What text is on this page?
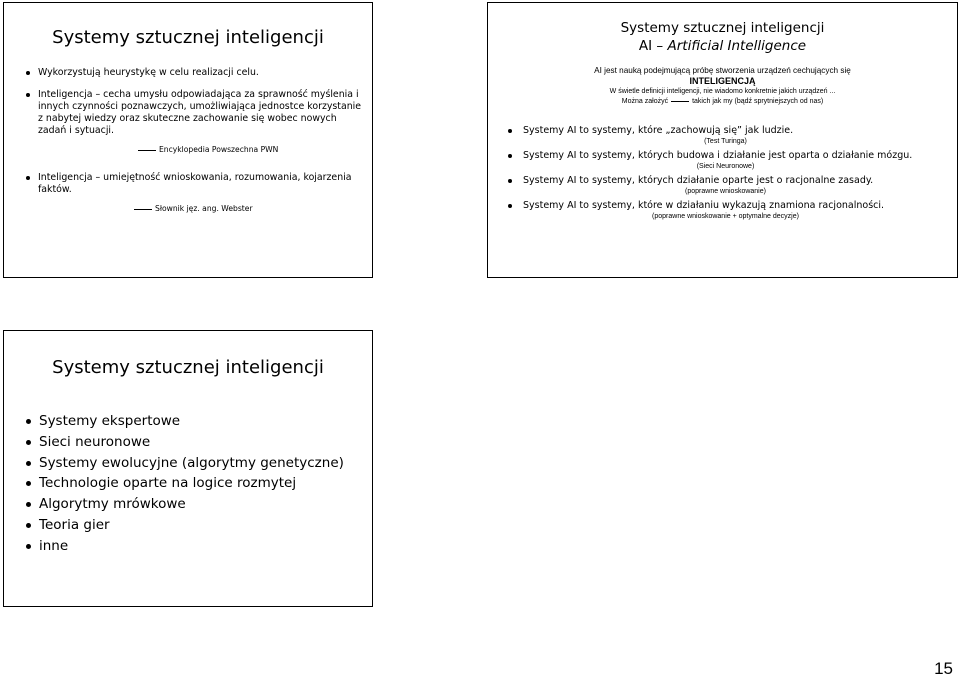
Systemy sztucznej inteligencji
Wykorzystują heurystykę w celu realizacji celu.
Inteligencja – cecha umysłu odpowiadająca za sprawność myślenia i innych czynności poznawczych, umożliwiająca jednostce korzystanie z nabytej wiedzy oraz skuteczne zachowanie się wobec nowych zadań i sytuacji.
Encyklopedia Powszechna PWN
Inteligencja – umiejętność wnioskowania, rozumowania, kojarzenia faktów.
Słownik jęz. ang. Webster
Systemy sztucznej inteligencji
AI – Artificial Intelligence
AI jest nauką podejmującą próbę stworzenia urządzeń cechujących się
INTELIGENCJĄ
W świetle definicji inteligencji, nie wiadomo konkretnie jakich urządzeń ...
Można założyć	takich jak my (bądź sprytniejszych od nas)
Systemy AI to systemy, które „zachowują się” jak ludzie.
(Test Turinga)
Systemy AI to systemy, których budowa i działanie jest oparta o działanie mózgu.
(Sieci Neuronowe)
Systemy AI to systemy, których działanie oparte jest o racjonalne zasady.
(poprawne wnioskowanie)
Systemy AI to systemy, które w działaniu wykazują znamiona racjonalności.
(poprawne wnioskowanie + optymalne decyzje)
Systemy sztucznej inteligencji
Systemy ekspertowe
Sieci neuronowe
Systemy ewolucyjne (algorytmy genetyczne)
Technologie oparte na logice rozmytej
Algorytmy mrówkowe
Teoria gier
inne
15
